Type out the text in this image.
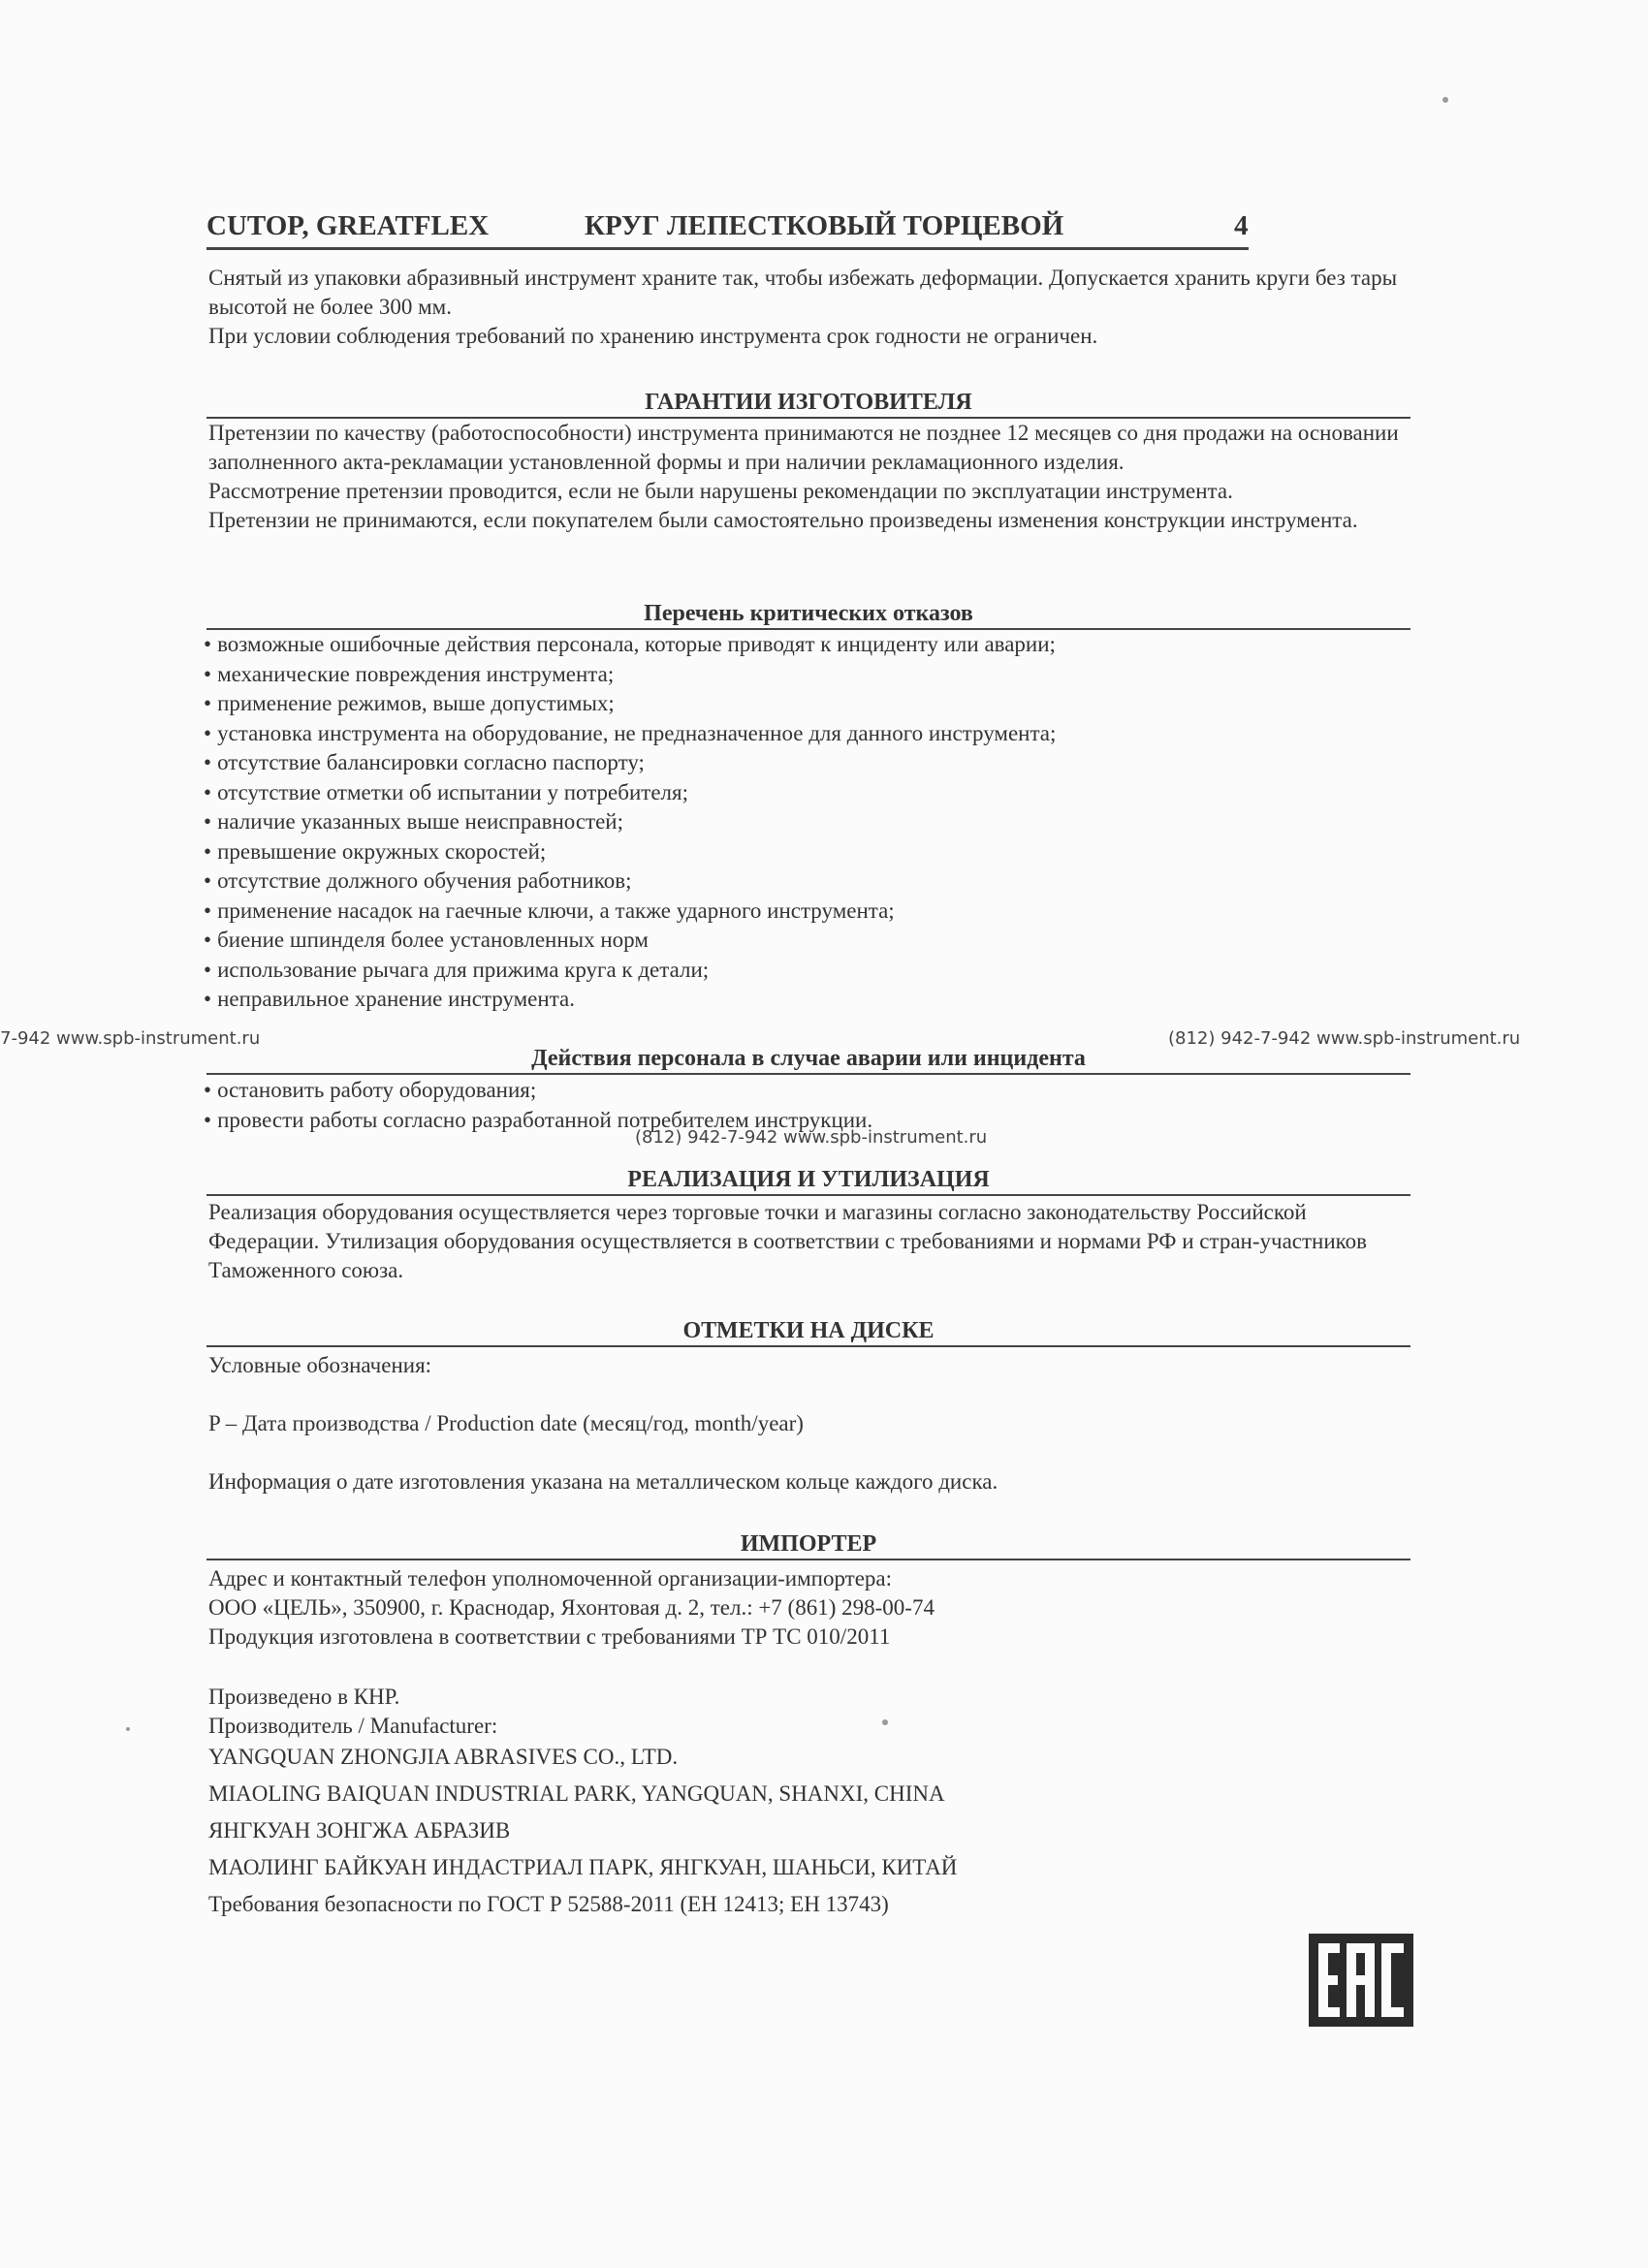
CUTOP, GREATFLEX	КРУГ ЛЕПЕСТКОВЫЙ ТОРЦЕВОЙ	4

Снятый из упаковки абразивный инструмент храните так, чтобы избежать деформации. Допускается хранить круги без тары высотой не более 300 мм.

При условии соблюдения требований по хранению инструмента срок годности не ограничен.

ГАРАНТИИ ИЗГОТОВИТЕЛЯ

Претензии по качеству (работоспособности) инструмента принимаются не позднее 12 месяцев со дня продажи на основании заполненного акта-рекламации установленной формы и при наличии рекламационного изделия.

Рассмотрение претензии проводится, если не были нарушены рекомендации по эксплуатации инструмента.

Претензии не принимаются, если покупателем были самостоятельно произведены изменения конструкции инструмента.

Перечень критических отказов
• возможные ошибочные действия персонала, которые приводят к инциденту или аварии;
• механические повреждения инструмента;
• применение режимов, выше допустимых;
• установка инструмента на оборудование, не предназначенное для данного инструмента;
• отсутствие балансировки согласно паспорту;
• отсутствие отметки об испытании у потребителя;
• наличие указанных выше неисправностей;
• превышение окружных скоростей;
• отсутствие должного обучения работников;
• применение насадок на гаечные ключи, а также ударного инструмента;
• биение шпинделя более установленных норм
• использование рычага для прижима круга к детали;
• неправильное хранение инструмента.
7-942 www.spb-instrument.ru	(812) 942-7-942 www.spb-instrument.ru
Действия персонала в случае аварии или инцидента
• остановить работу оборудования;
• провести работы согласно разработанной потребителем инструкции.
(812) 942-7-942 www.spb-instrument.ru
РЕАЛИЗАЦИЯ И УТИЛИЗАЦИЯ
Реализация оборудования осуществляется через торговые точки и магазины согласно законодательству Российской Федерации. Утилизация оборудования осуществляется в соответствии с требованиями и нормами РФ и стран-участников Таможенного союза.
ОТМЕТКИ НА ДИСКЕ
Условные обозначения:
P – Дата производства / Production date (месяц/год, month/year)
Информация о дате изготовления указана на металлическом кольце каждого диска.
ИМПОРТЕР
Адрес и контактный телефон уполномоченной организации-импортера:
ООО «ЦЕЛЬ», 350900, г. Краснодар, Яхонтовая д. 2, тел.: +7 (861) 298-00-74
Продукция изготовлена в соответствии с требованиями ТР ТС 010/2011
Произведено в КНР.
Производитель / Manufacturer:
YANGQUAN ZHONGJIA ABRASIVES CO., LTD.
MIAOLING BAIQUAN INDUSTRIAL PARK, YANGQUAN, SHANXI, CHINA
ЯНГКУАН ЗОНГЖА АБРАЗИВ
МАОЛИНГ БАЙКУАН ИНДАСТРИАЛ ПАРК, ЯНГКУАН, ШАНЬСИ, КИТАЙ
Требования безопасности по ГОСТ Р 52588-2011 (ЕН 12413; ЕН 13743)
